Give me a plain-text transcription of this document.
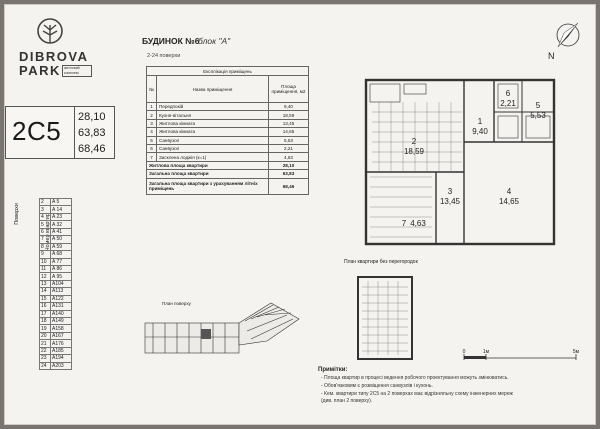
DIBROVA
PARK житловий комплекс
БУДИНОК №6
блок "А"
2-24 поверхи
2С5 28,10
63,83
68,46
Експлікація приміщень		
№	Назва приміщення	Площа приміщення, м2
1	Передпокій	9,40
2	Кухня-вітальня	18,59
3	Житлова кімната	13,45
4	Житлова кімната	14,65
5	Санвузол	5,53
6	Санвузол	2,21
7	Засклена лоджія (к=1)	4,63
Житлова площа квартири		28,10
Загальна площа квартири		63,83
Загальна площа квартири з урахуванням літніх приміщень		68,46
Поверхи	Номер квартир
2	A 5
3	A 14
4	A 23
5	A 32
6	A 41
7	A 50
8	A 59
9	A 68
10	A 77
11	A 86
12	A 95
13	A104
14	A113
15	A122
16	A131
17	A140
18	A149
19	A158
20	A167
21	A176
22	A185
23	A194
24	A203
План поверху
1
9,40
2
18,59
3
13,45
4
14,65
5
5,53
6
2,21
7 4,63
План квартири без перегородок
0	1м	5м
N
Примітки:
- Площа квартир в процесі ведення робочого проектування можуть змінюватись.
- Обов'язковим є розміщення санвузлів і кухонь.
- Кем. квартири типу 2С5 на 2 поверхах має відрізняльну схему інженерних мереж
(див. план 2 поверху).
